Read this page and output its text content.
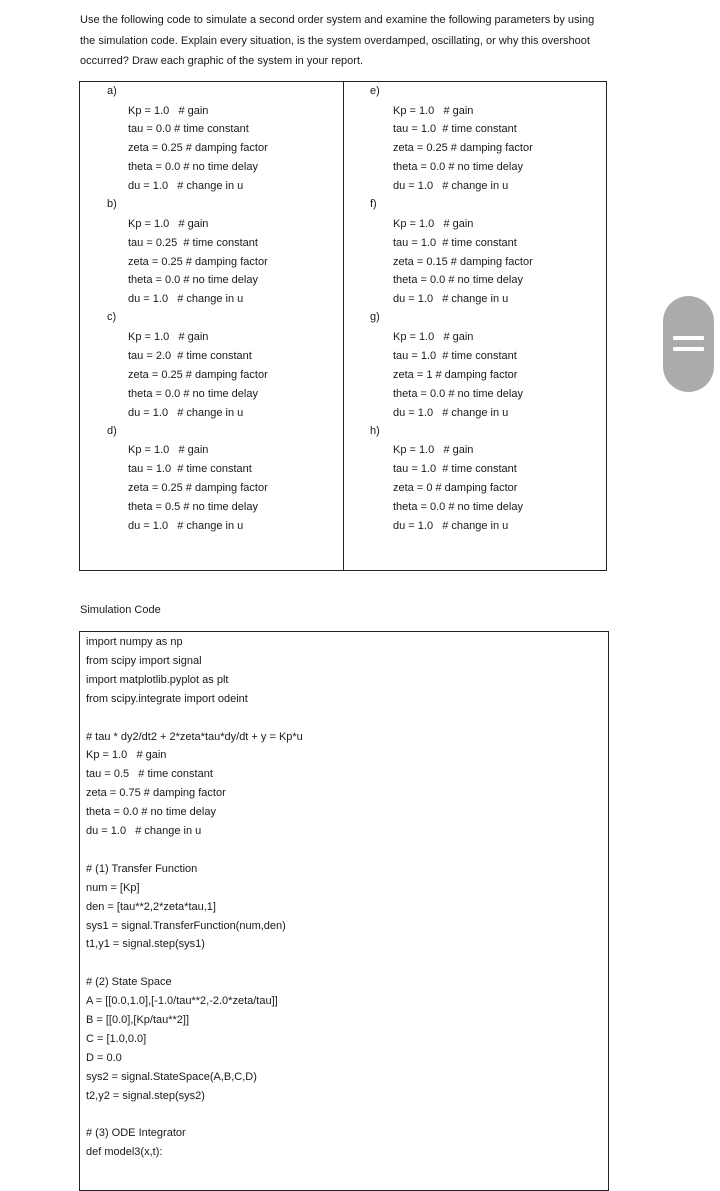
Use the following code to simulate a second order system and examine the following parameters by using
the simulation code. Explain every situation, is the system overdamped, oscillating, or why this overshoot
occurred? Draw each graphic of the system in your report.
a)
Kp = 1.0   # gain
tau = 0.0 # time constant
zeta = 0.25 # damping factor
theta = 0.0 # no time delay
du = 1.0   # change in u
b)
Kp = 1.0   # gain
tau = 0.25  # time constant
zeta = 0.25 # damping factor
theta = 0.0 # no time delay
du = 1.0   # change in u
c)
Kp = 1.0   # gain
tau = 2.0  # time constant
zeta = 0.25 # damping factor
theta = 0.0 # no time delay
du = 1.0   # change in u
d)
Kp = 1.0   # gain
tau = 1.0  # time constant
zeta = 0.25 # damping factor
theta = 0.5 # no time delay
du = 1.0   # change in u
e)
Kp = 1.0   # gain
tau = 1.0  # time constant
zeta = 0.25 # damping factor
theta = 0.0 # no time delay
du = 1.0   # change in u
f)
Kp = 1.0   # gain
tau = 1.0  # time constant
zeta = 0.15 # damping factor
theta = 0.0 # no time delay
du = 1.0   # change in u
g)
Kp = 1.0   # gain
tau = 1.0  # time constant
zeta = 1 # damping factor
theta = 0.0 # no time delay
du = 1.0   # change in u
h)
Kp = 1.0   # gain
tau = 1.0  # time constant
zeta = 0 # damping factor
theta = 0.0 # no time delay
du = 1.0   # change in u
Simulation Code
import numpy as np
from scipy import signal
import matplotlib.pyplot as plt
from scipy.integrate import odeint
# tau * dy2/dt2 + 2*zeta*tau*dy/dt + y = Kp*u
Kp = 1.0   # gain
tau = 0.5   # time constant
zeta = 0.75 # damping factor
theta = 0.0 # no time delay
du = 1.0   # change in u
# (1) Transfer Function
num = [Kp]
den = [tau**2,2*zeta*tau,1]
sys1 = signal.TransferFunction(num,den)
t1,y1 = signal.step(sys1)
# (2) State Space
A = [[0.0,1.0],[-1.0/tau**2,-2.0*zeta/tau]]
B = [[0.0],[Kp/tau**2]]
C = [1.0,0.0]
D = 0.0
sys2 = signal.StateSpace(A,B,C,D)
t2,y2 = signal.step(sys2)
# (3) ODE Integrator
def model3(x,t):
